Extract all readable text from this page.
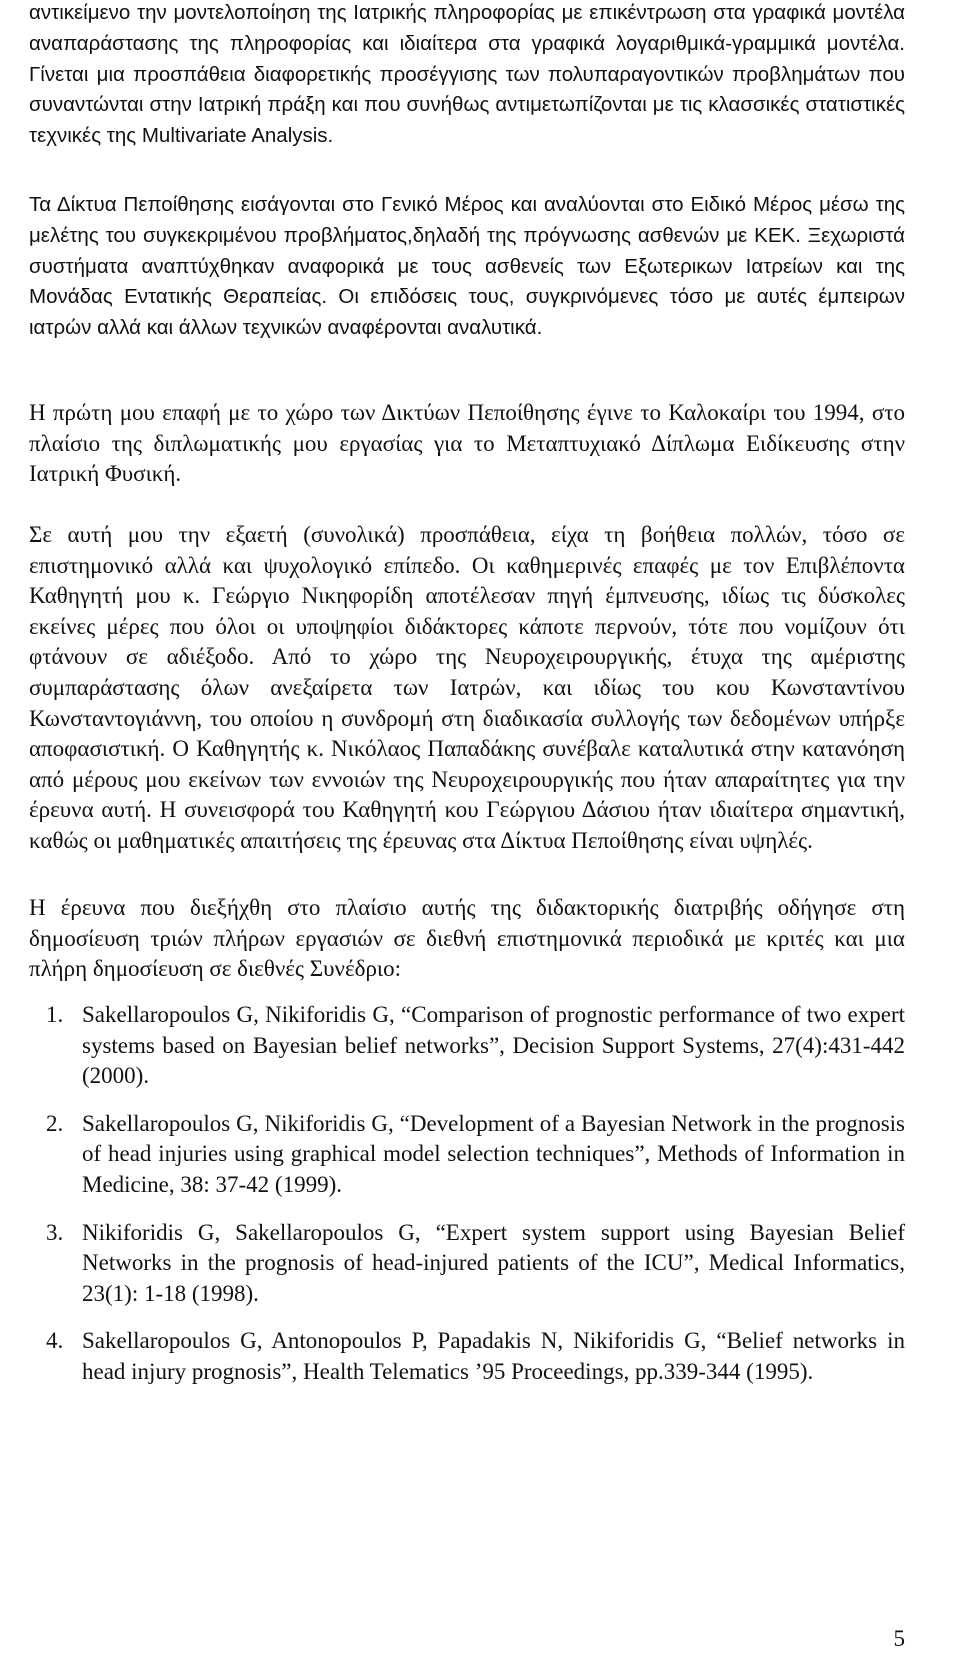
αντικείμενο την μοντελοποίηση της Ιατρικής πληροφορίας με επικέντρωση στα γραφικά μοντέλα αναπαράστασης της πληροφορίας και ιδιαίτερα στα γραφικά λογαριθμικά-γραμμικά μοντέλα. Γίνεται μια προσπάθεια διαφορετικής προσέγγισης των πολυπαραγοντικών προβλημάτων που συναντώνται στην Ιατρική πράξη και που συνήθως αντιμετωπίζονται με τις κλασσικές στατιστικές τεχνικές της Multivariate Analysis.

Τα Δίκτυα Πεποίθησης εισάγονται στο Γενικό Μέρος και αναλύονται στο Ειδικό Μέρος μέσω της μελέτης του συγκεκριμένου προβλήματος,δηλαδή της πρόγνωσης ασθενών με ΚΕΚ. Ξεχωριστά συστήματα αναπτύχθηκαν αναφορικά με τους ασθενείς των Εξωτερικων Ιατρείων και της Μονάδας Εντατικής Θεραπείας. Οι επιδόσεις τους, συγκρινόμενες τόσο με αυτές έμπειρων ιατρών αλλά και άλλων τεχνικών αναφέρονται αναλυτικά.

Η πρώτη μου επαφή με το χώρο των Δικτύων Πεποίθησης έγινε το Καλοκαίρι του 1994, στο πλαίσιο της διπλωματικής μου εργασίας για το Μεταπτυχιακό Δίπλωμα Ειδίκευσης στην Ιατρική Φυσική.

Σε αυτή μου την εξαετή (συνολικά) προσπάθεια, είχα τη βοήθεια πολλών, τόσο σε επιστημονικό αλλά και ψυχολογικό επίπεδο. Οι καθημερινές επαφές με τον Επιβλέποντα Καθηγητή μου κ. Γεώργιο Νικηφορίδη αποτέλεσαν πηγή έμπνευσης, ιδίως τις δύσκολες εκείνες μέρες που όλοι οι υποψηφίοι διδάκτορες κάποτε περνούν, τότε που νομίζουν ότι φτάνουν σε αδιέξοδο. Από το χώρο της Νευροχειρουργικής, έτυχα της αμέριστης συμπαράστασης όλων ανεξαίρετα των Ιατρών, και ιδίως του κου Κωνσταντίνου Κωνσταντογιάννη, του οποίου η συνδρομή στη διαδικασία συλλογής των δεδομένων υπήρξε αποφασιστική. Ο Καθηγητής κ. Νικόλαος Παπαδάκης συνέβαλε καταλυτικά στην κατανόηση από μέρους μου εκείνων των εννοιών της Νευροχειρουργικής που ήταν απαραίτητες για την έρευνα αυτή. Η συνεισφορά του Καθηγητή κου Γεώργιου Δάσιου ήταν ιδιαίτερα σημαντική, καθώς οι μαθηματικές απαιτήσεις της έρευνας στα Δίκτυα Πεποίθησης είναι υψηλές.

Η έρευνα που διεξήχθη στο πλαίσιο αυτής της διδακτορικής διατριβής οδήγησε στη δημοσίευση τριών πλήρων εργασιών σε διεθνή επιστημονικά περιοδικά με κριτές και μια πλήρη δημοσίευση σε διεθνές Συνέδριο:

1. Sakellaropoulos G, Nikiforidis G, “Comparison of prognostic performance of two expert systems based on Bayesian belief networks”, Decision Support Systems, 27(4):431-442 (2000).
2. Sakellaropoulos G, Nikiforidis G, “Development of a Bayesian Network in the prognosis of head injuries using graphical model selection techniques”, Methods of Information in Medicine, 38: 37-42 (1999).
3. Nikiforidis G, Sakellaropoulos G, “Expert system support using Bayesian Belief Networks in the prognosis of head-injured patients of the ICU”, Medical Informatics, 23(1): 1-18 (1998).
4. Sakellaropoulos G, Antonopoulos P, Papadakis N, Nikiforidis G, “Belief networks in head injury prognosis”, Health Telematics ’95 Proceedings, pp.339-344 (1995).
5
